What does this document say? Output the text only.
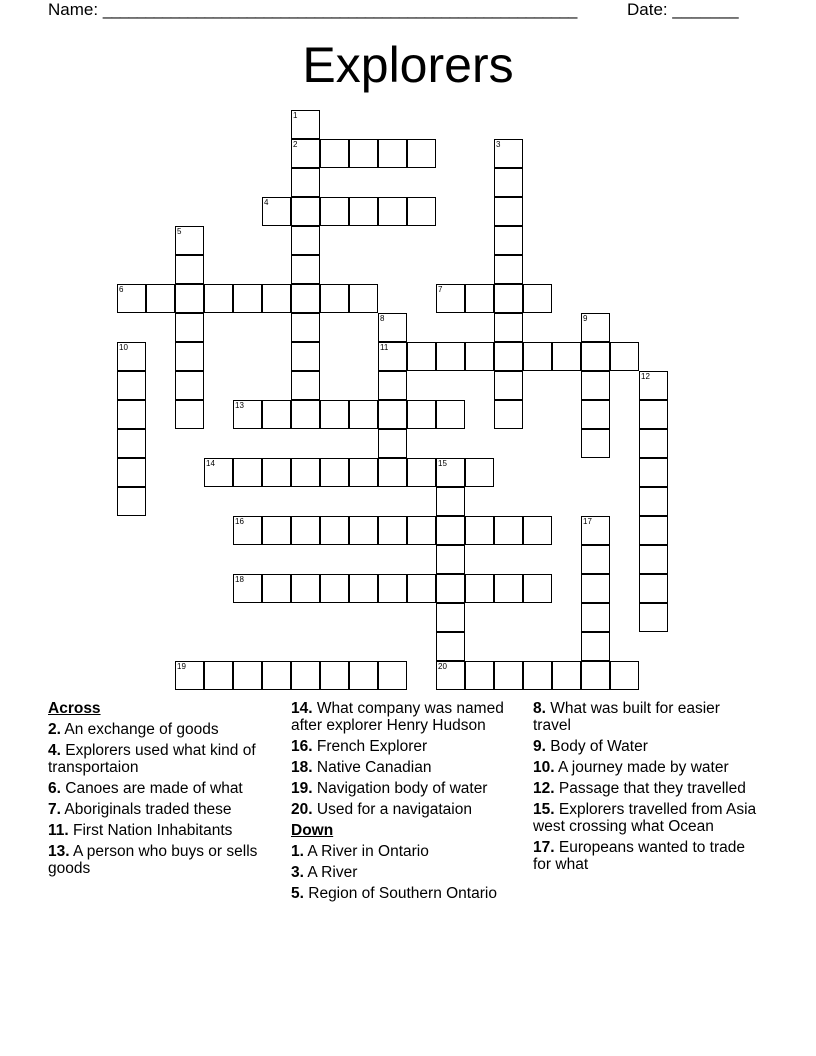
Name: ________________________________________________________	Date: _______
Explorers
1
2	3
4
5
6	7
8
11
9
10
12
13
14	15
20
16	17
18
19
Across
2. An exchange of goods
4. Explorers used what kind of transportaion
6. Canoes are made of what
7. Aboriginals traded these
11. First Nation Inhabitants
13. A person who buys or sells goods
14. What company was named after explorer Henry Hudson
16. French Explorer
18. Native Canadian
19. Navigation body of water
20. Used for a navigataion
Down
1. A River in Ontario
3. A River
5. Region of Southern Ontario
8. What was built for easier travel
9. Body of Water
10. A journey made by water
12. Passage that they travelled
15. Explorers travelled from Asia west crossing what Ocean
17. Europeans wanted to trade for what
